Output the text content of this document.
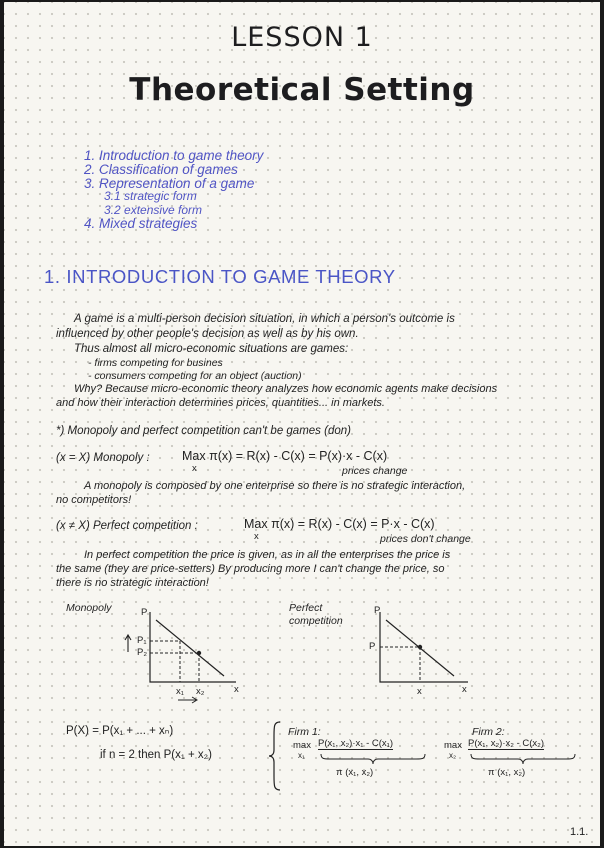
LESSON 1
Theoretical Setting
1. Introduction to game theory
2. Classification of games
3. Representation of a game
3.1 strategic form
3.2 extensive form
4. Mixed strategies
1. INTRODUCTION TO GAME THEORY
A game is a multi-person decision situation, in which a person's outcome is
influenced by other people's decision as well as by his own.
Thus almost all micro-economic situations are games:
- firms competing for busines
- consumers competing for an object (auction)
Why? Because micro-economic theory analyzes how economic agents make decisions
and how their interaction determines prices, quantities... in markets.
*) Monopoly and perfect competition can't be games (don)
(x = X) Monopoly :	Max π(x) = R(x) - C(x) = P(x)·x - C(x)
x	prices change
A monopoly is composed by one enterprise so there is no strategic interaction,
no competitors!
(x ≠ X) Perfect competition :	Max π(x) = R(x) - C(x) = P·x - C(x)
x	prices don't change
In perfect competition the price is given, as in all the enterprises the price is
the same (they are price-setters) By producing more I can't change the price, so
there is no strategic interaction!
Monopoly	P
P₁
P₂
x₁ x₂	x
Perfect
competition
P
P
x	x
P(X) = P(x₁ + ... + xₙ)
if n = 2 then P(x₁ + x₂)
Firm 1:
max
x₁
P(x₁, x₂)·x₁ - C(x₁)
π (x₁, x₂)
Firm 2:
max
x₂
P(x₁, x₂)·x₂ - C(x₂)
π (x₁, x₂)
1.1.
